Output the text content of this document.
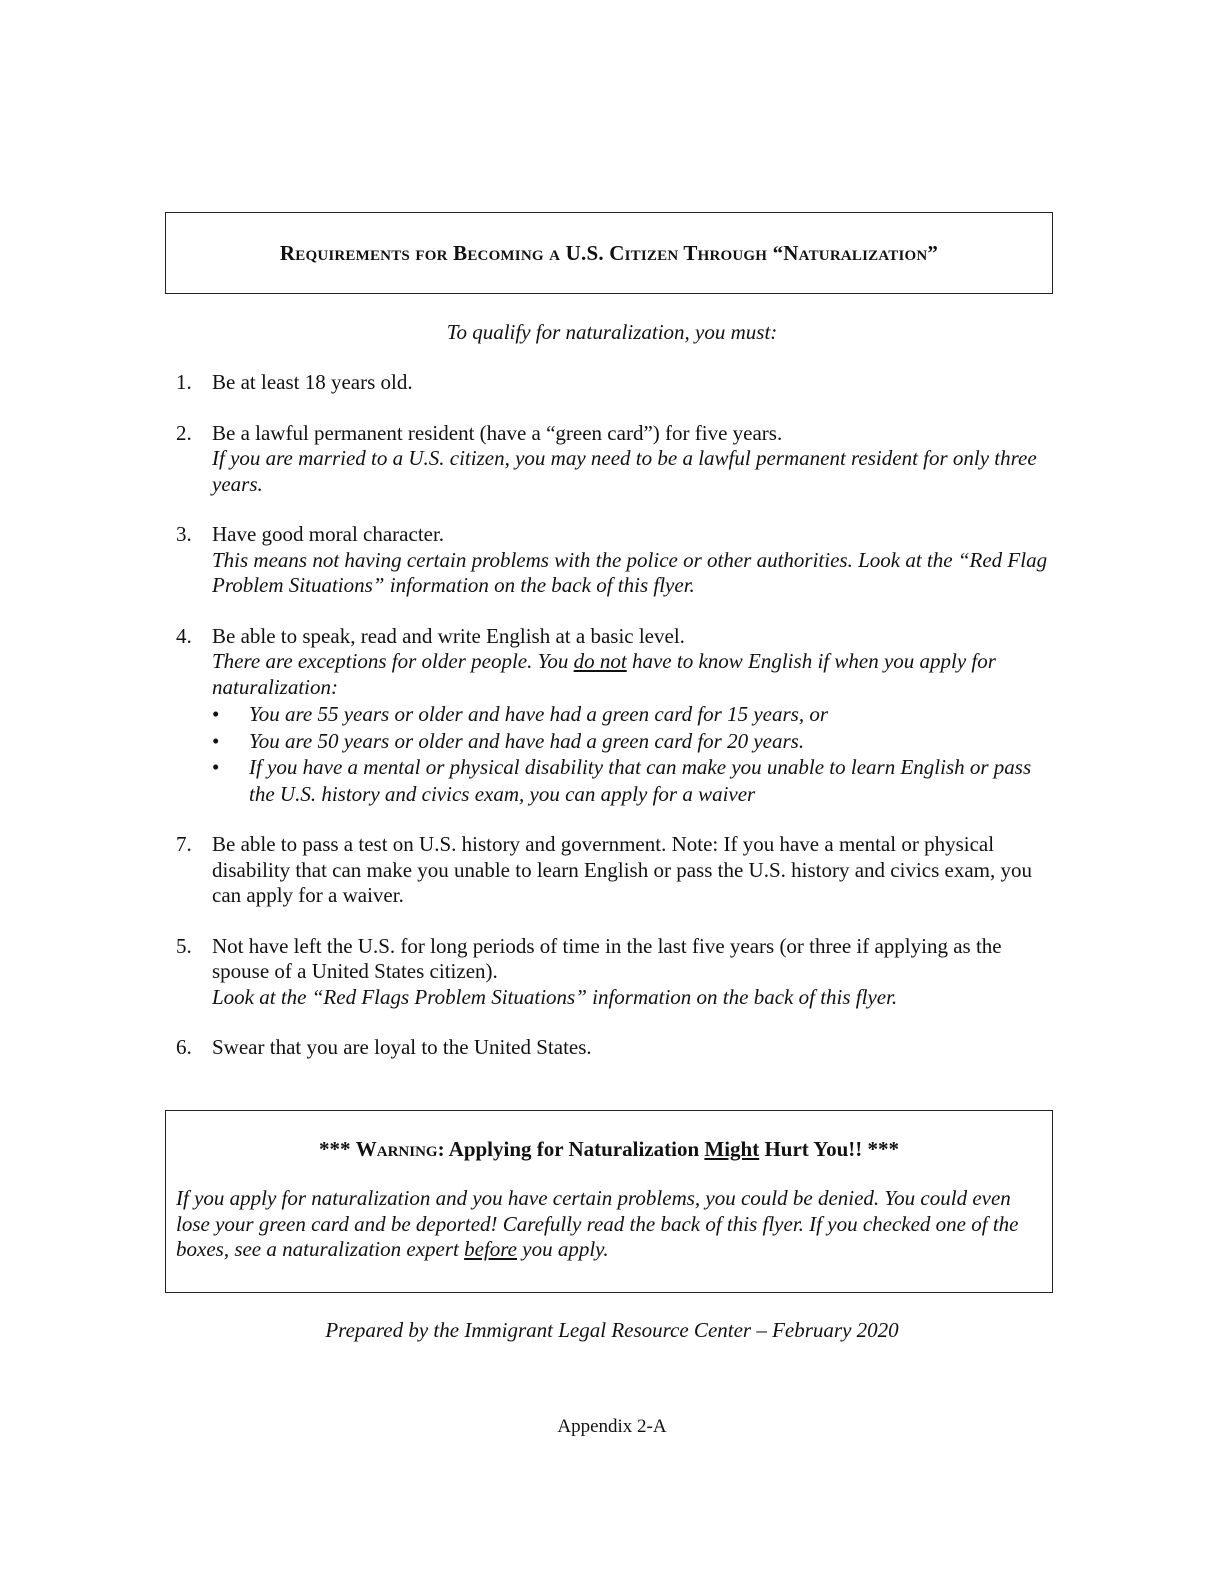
Requirements for Becoming a U.S. Citizen Through “Naturalization”

To qualify for naturalization, you must:

1. Be at least 18 years old.
2. Be a lawful permanent resident (have a “green card”) for five years.
If you are married to a U.S. citizen, you may need to be a lawful permanent resident for only three years.
3. Have good moral character.
This means not having certain problems with the police or other authorities. Look at the “Red Flag Problem Situations” information on the back of this flyer.
4. Be able to speak, read and write English at a basic level.
There are exceptions for older people. You do not have to know English if when you apply for naturalization:
• You are 55 years or older and have had a green card for 15 years, or
• You are 50 years or older and have had a green card for 20 years.
• If you have a mental or physical disability that can make you unable to learn English or pass the U.S. history and civics exam, you can apply for a waiver
7. Be able to pass a test on U.S. history and government. Note: If you have a mental or physical disability that can make you unable to learn English or pass the U.S. history and civics exam, you can apply for a waiver.
5. Not have left the U.S. for long periods of time in the last five years (or three if applying as the spouse of a United States citizen).
Look at the “Red Flags Problem Situations” information on the back of this flyer.
6. Swear that you are loyal to the United States.

*** Warning: Applying for Naturalization Might Hurt You!! ***

If you apply for naturalization and you have certain problems, you could be denied. You could even lose your green card and be deported! Carefully read the back of this flyer. If you checked one of the boxes, see a naturalization expert before you apply.

Prepared by the Immigrant Legal Resource Center – February 2020

Appendix 2-A
